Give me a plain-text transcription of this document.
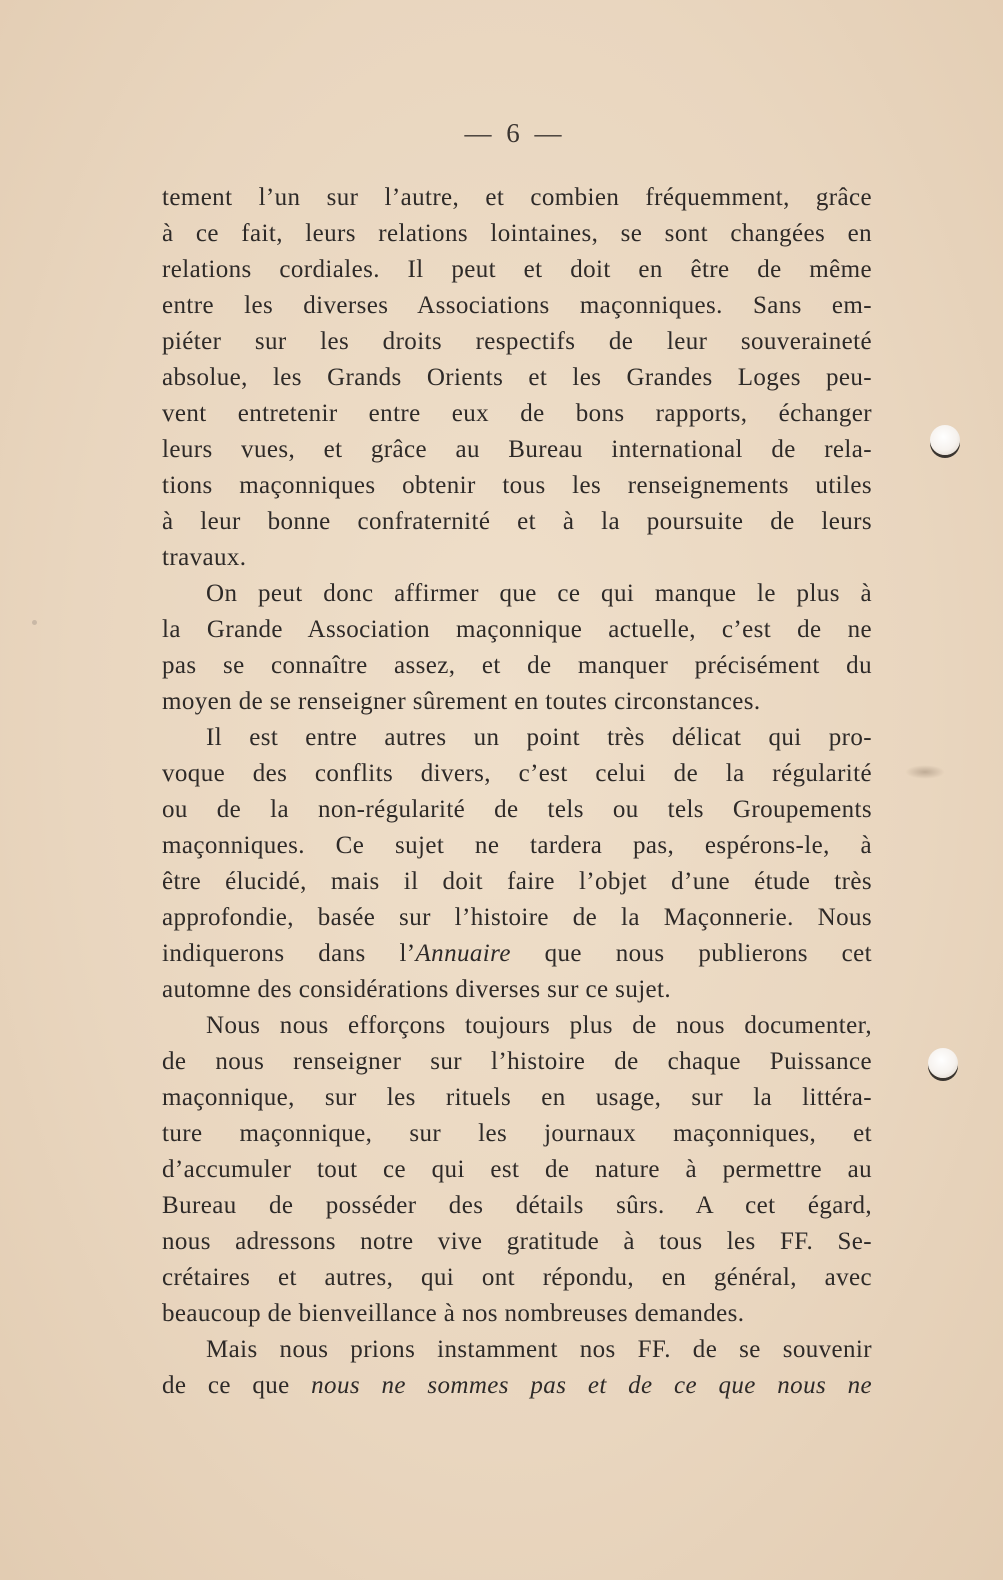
— 6 —
tement l’un sur l’autre, et combien fréquemment, grâce
à ce fait, leurs relations lointaines, se sont changées en
relations cordiales. Il peut et doit en être de même
entre les diverses Associations maçonniques. Sans em-
piéter sur les droits respectifs de leur souveraineté
absolue, les Grands Orients et les Grandes Loges peu-
vent entretenir entre eux de bons rapports, échanger
leurs vues, et grâce au Bureau international de rela-
tions maçonniques obtenir tous les renseignements utiles
à leur bonne confraternité et à la poursuite de leurs
travaux.
On peut donc affirmer que ce qui manque le plus à
la Grande Association maçonnique actuelle, c’est de ne
pas se connaître assez, et de manquer précisément du
moyen de se renseigner sûrement en toutes circonstances.
Il est entre autres un point très délicat qui pro-
voque des conflits divers, c’est celui de la régularité
ou de la non-régularité de tels ou tels Groupements
maçonniques. Ce sujet ne tardera pas, espérons-le, à
être élucidé, mais il doit faire l’objet d’une étude très
approfondie, basée sur l’histoire de la Maçonnerie. Nous
indiquerons dans l’Annuaire que nous publierons cet
automne des considérations diverses sur ce sujet.
Nous nous efforçons toujours plus de nous documenter,
de nous renseigner sur l’histoire de chaque Puissance
maçonnique, sur les rituels en usage, sur la littéra-
ture maçonnique, sur les journaux maçonniques, et
d’accumuler tout ce qui est de nature à permettre au
Bureau de posséder des détails sûrs. A cet égard,
nous adressons notre vive gratitude à tous les FF. Se-
crétaires et autres, qui ont répondu, en général, avec
beaucoup de bienveillance à nos nombreuses demandes.
Mais nous prions instamment nos FF. de se souvenir
de ce que nous ne sommes pas et de ce que nous ne
